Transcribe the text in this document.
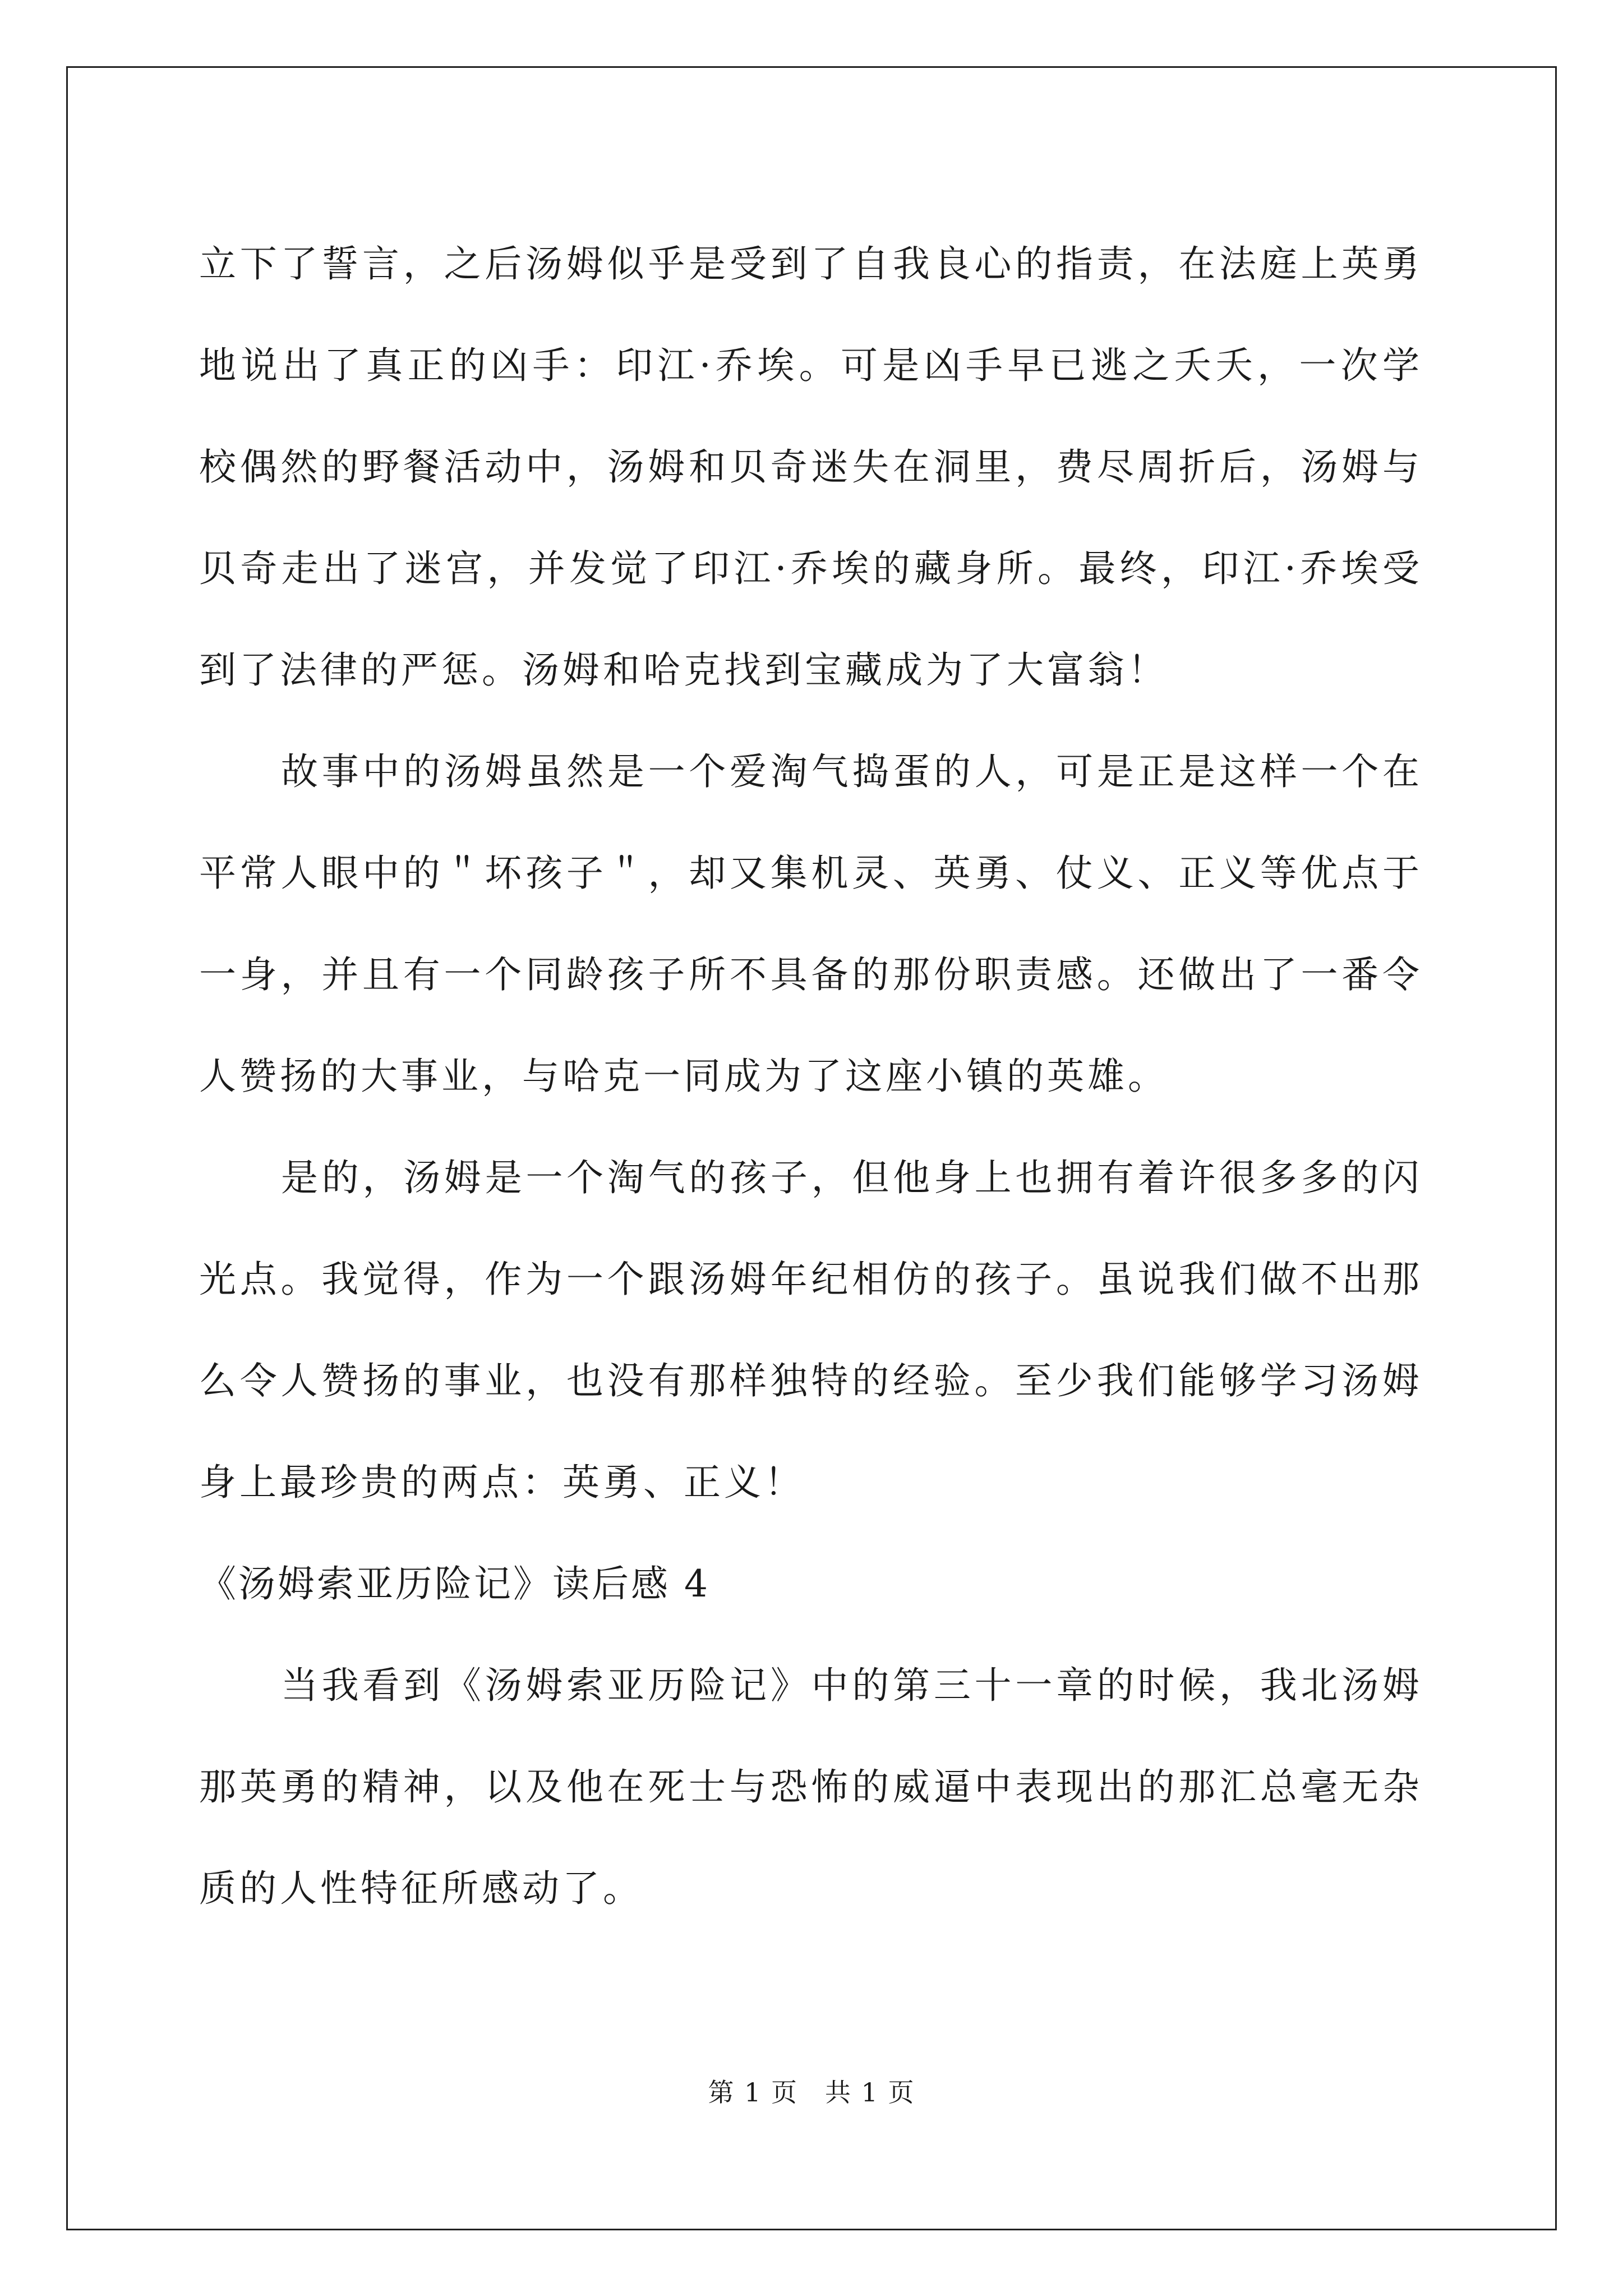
立下了誓言，之后汤姆似乎是受到了自我良心的指责，在法庭上英勇地说出了真正的凶手：印江·乔埃。可是凶手早已逃之夭夭，一次学校偶然的野餐活动中，汤姆和贝奇迷失在洞里，费尽周折后，汤姆与贝奇走出了迷宫，并发觉了印江·乔埃的藏身所。最终，印江·乔埃受到了法律的严惩。汤姆和哈克找到宝藏成为了大富翁！

故事中的汤姆虽然是一个爱淘气捣蛋的人，可是正是这样一个在平常人眼中的＂坏孩子＂，却又集机灵、英勇、仗义、正义等优点于一身，并且有一个同龄孩子所不具备的那份职责感。还做出了一番令人赞扬的大事业，与哈克一同成为了这座小镇的英雄。

是的，汤姆是一个淘气的孩子，但他身上也拥有着许很多多的闪光点。我觉得，作为一个跟汤姆年纪相仿的孩子。虽说我们做不出那么令人赞扬的事业，也没有那样独特的经验。至少我们能够学习汤姆身上最珍贵的两点：英勇、正义！

《汤姆索亚历险记》读后感 4

当我看到《汤姆索亚历险记》中的第三十一章的时候，我北汤姆那英勇的精神，以及他在死士与恐怖的威逼中表现出的那汇总毫无杂质的人性特征所感动了。

第 1 页　共 1 页
